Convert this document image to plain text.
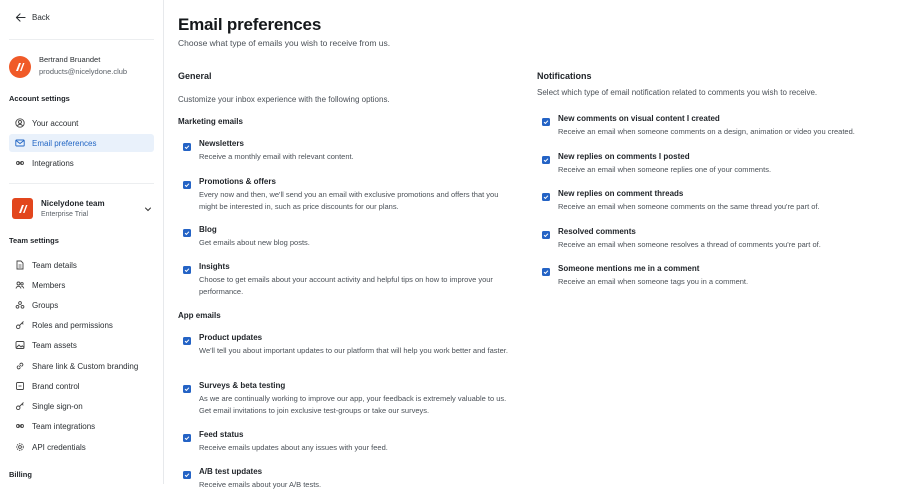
Back
Bertrand Bruandet
products@nicelydone.club
Account settings
Your account
Email preferences
Integrations
Nicelydone team
Enterprise Trial
Team settings
Team details
Members
Groups
Roles and permissions
Team assets
Share link & Custom branding
Brand control
Single sign-on
Team integrations
API credentials
Billing
Email preferences
Choose what type of emails you wish to receive from us.
General
Customize your inbox experience with the following options.
Marketing emails
Newsletters
Receive a monthly email with relevant content.
Promotions & offers
Every now and then, we'll send you an email with exclusive promotions and offers that you might be interested in, such as price discounts for our plans.
Blog
Get emails about new blog posts.
Insights
Choose to get emails about your account activity and helpful tips on how to improve your performance.
App emails
Product updates
We'll tell you about important updates to our platform that will help you work better and faster.
Surveys & beta testing
As we are continually working to improve our app, your feedback is extremely valuable to us. Get email invitations to join exclusive test-groups or take our surveys.
Feed status
Receive emails updates about any issues with your feed.
A/B test updates
Receive emails about your A/B tests.
Notifications
Select which type of email notification related to comments you wish to receive.
New comments on visual content I created
Receive an email when someone comments on a design, animation or video you created.
New replies on comments I posted
Receive an email when someone replies one of your comments.
New replies on comment threads
Receive an email when someone comments on the same thread you're part of.
Resolved comments
Receive an email when someone resolves a thread of comments you're part of.
Someone mentions me in a comment
Receive an email when someone tags you in a comment.
